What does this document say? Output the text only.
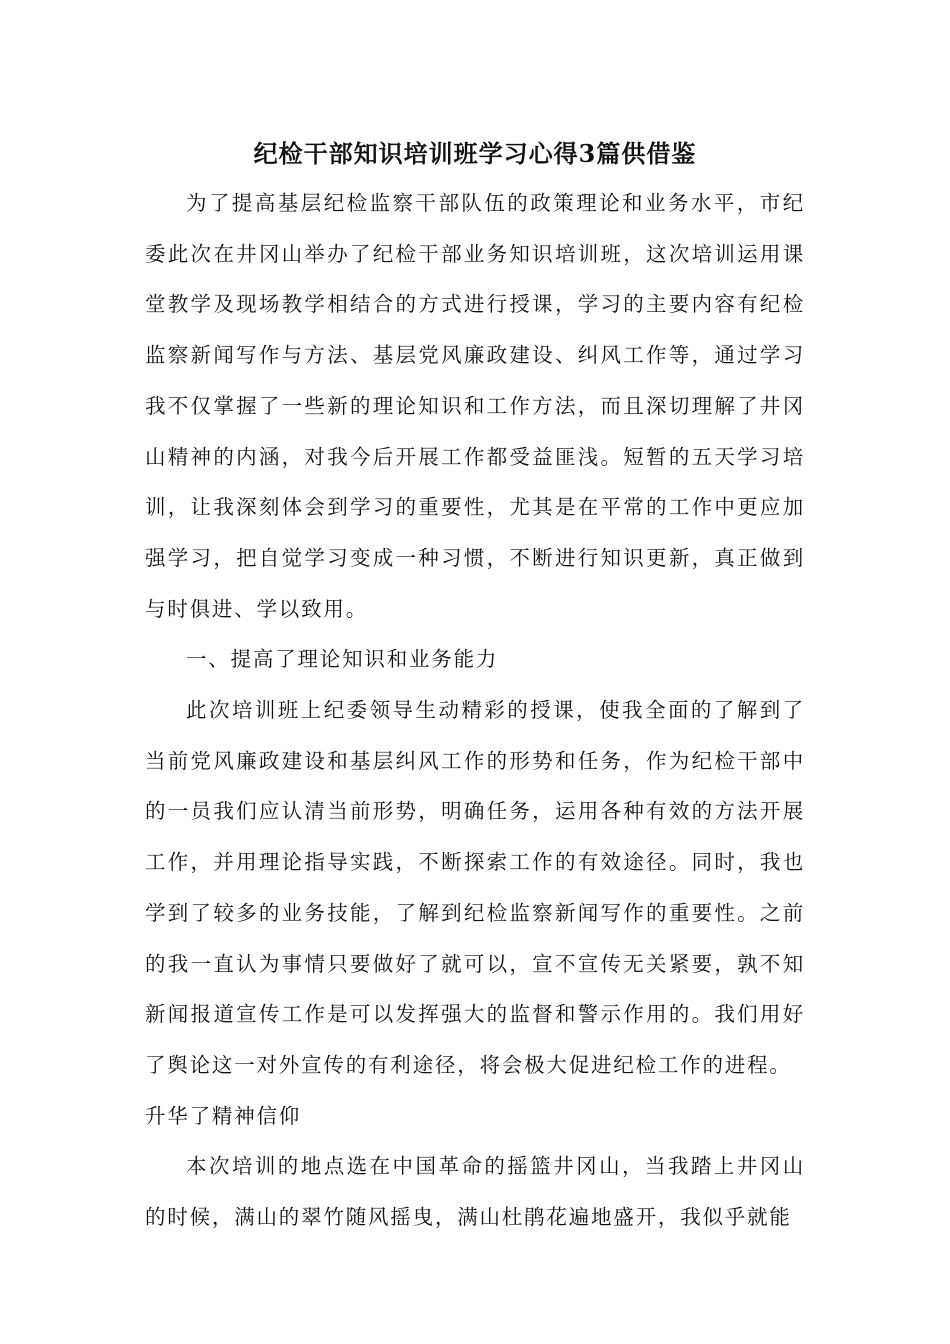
纪检干部知识培训班学习心得3篇供借鉴

为了提高基层纪检监察干部队伍的政策理论和业务水平，市纪委此次在井冈山举办了纪检干部业务知识培训班，这次培训运用课堂教学及现场教学相结合的方式进行授课，学习的主要内容有纪检监察新闻写作与方法、基层党风廉政建设、纠风工作等，通过学习我不仅掌握了一些新的理论知识和工作方法，而且深切理解了井冈山精神的内涵，对我今后开展工作都受益匪浅。短暂的五天学习培训，让我深刻体会到学习的重要性，尤其是在平常的工作中更应加强学习，把自觉学习变成一种习惯，不断进行知识更新，真正做到与时俱进、学以致用。

一、提高了理论知识和业务能力

此次培训班上纪委领导生动精彩的授课，使我全面的了解到了当前党风廉政建设和基层纠风工作的形势和任务，作为纪检干部中的一员我们应认清当前形势，明确任务，运用各种有效的方法开展工作，并用理论指导实践，不断探索工作的有效途径。同时，我也学到了较多的业务技能，了解到纪检监察新闻写作的重要性。之前的我一直认为事情只要做好了就可以，宣不宣传无关紧要，孰不知新闻报道宣传工作是可以发挥强大的监督和警示作用的。我们用好了舆论这一对外宣传的有利途径，将会极大促进纪检工作的进程。

升华了精神信仰

本次培训的地点选在中国革命的摇篮井冈山，当我踏上井冈山的时候，满山的翠竹随风摇曳，满山杜鹃花遍地盛开，我似乎就能
